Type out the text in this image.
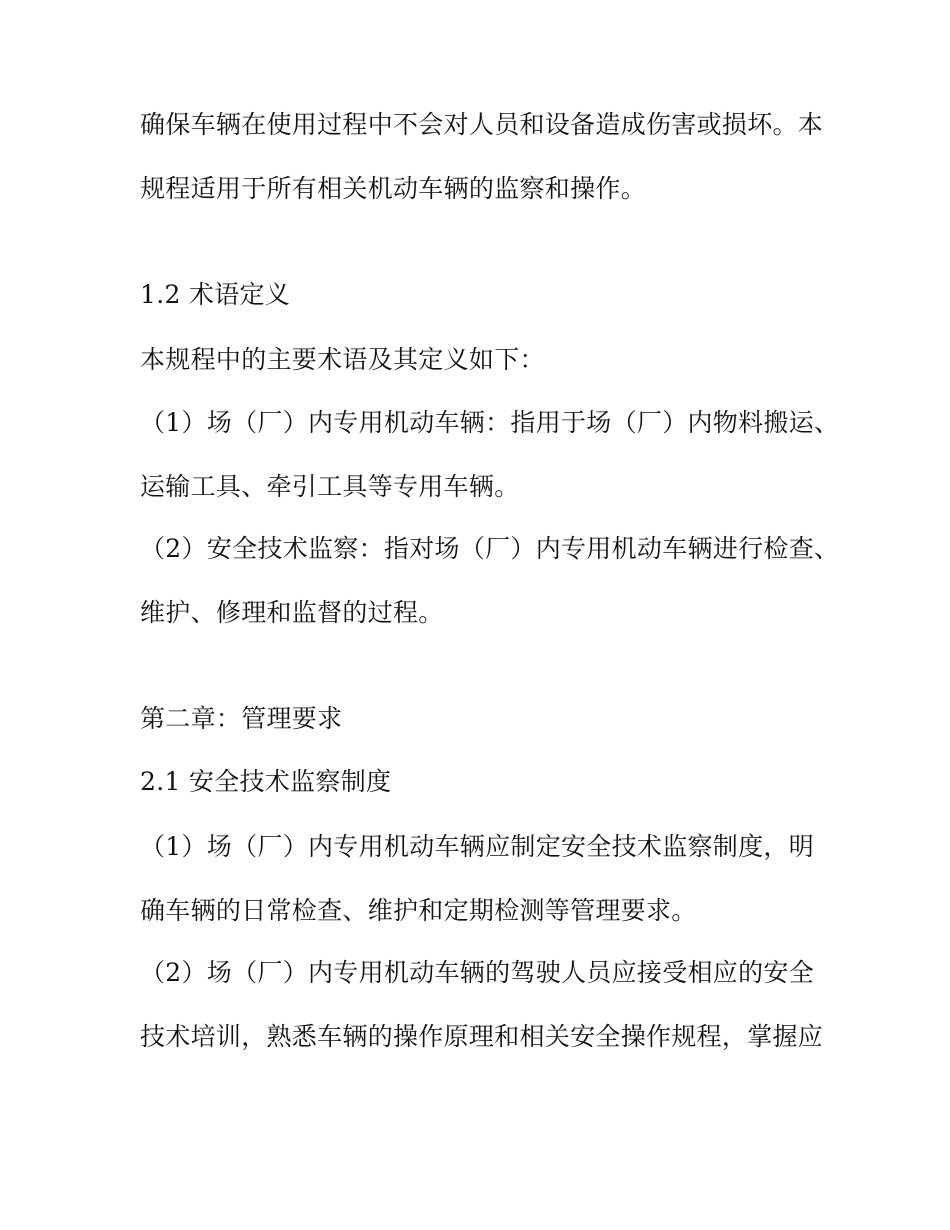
确保车辆在使用过程中不会对人员和设备造成伤害或损坏。本
规程适用于所有相关机动车辆的监察和操作。
1.2 术语定义
本规程中的主要术语及其定义如下：
（1）场（厂）内专用机动车辆：指用于场（厂）内物料搬运、
运输工具、牵引工具等专用车辆。
（2）安全技术监察：指对场（厂）内专用机动车辆进行检查、
维护、修理和监督的过程。
第二章：管理要求
2.1 安全技术监察制度
（1）场（厂）内专用机动车辆应制定安全技术监察制度，明
确车辆的日常检查、维护和定期检测等管理要求。
（2）场（厂）内专用机动车辆的驾驶人员应接受相应的安全
技术培训，熟悉车辆的操作原理和相关安全操作规程，掌握应
